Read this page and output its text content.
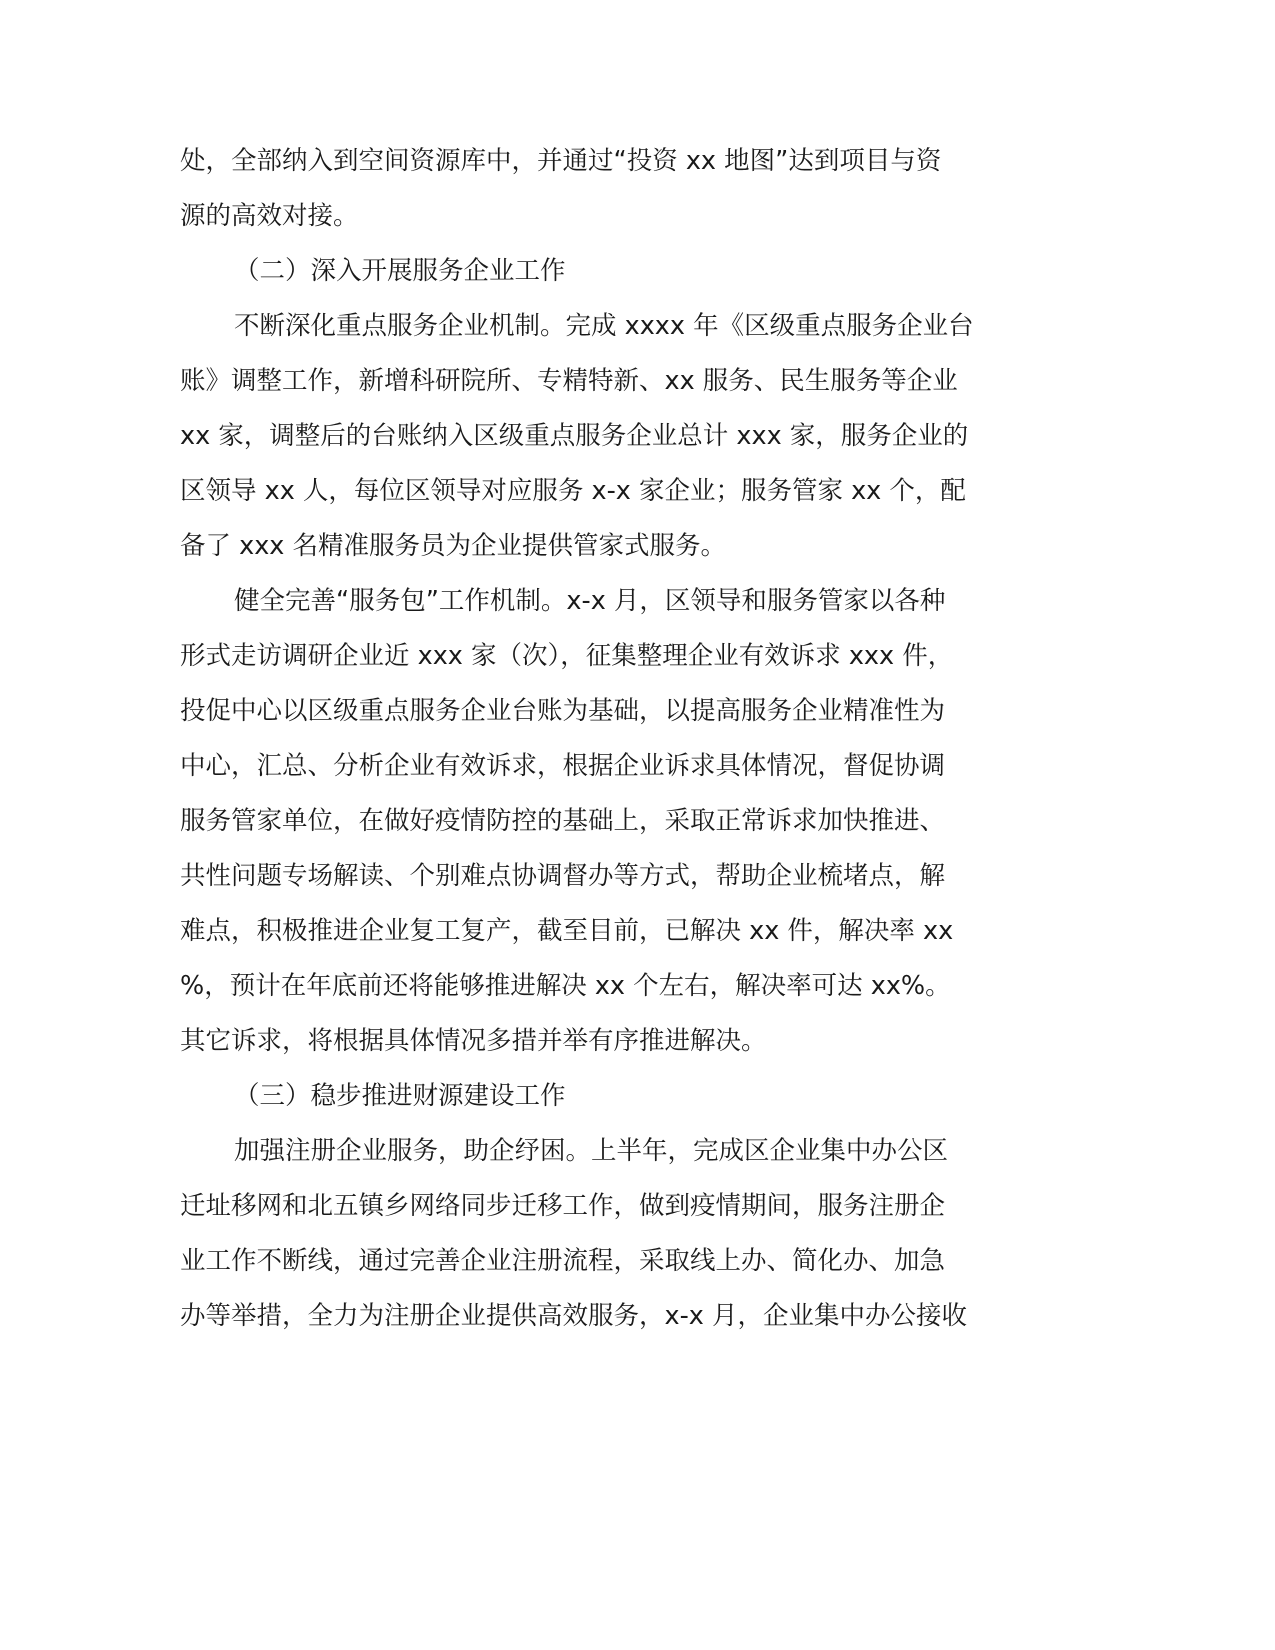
处，全部纳入到空间资源库中，并通过“投资 xx 地图”达到项目与资
源的高效对接。
（二）深入开展服务企业工作
不断深化重点服务企业机制。完成 xxxx 年《区级重点服务企业台
账》调整工作，新增科研院所、专精特新、xx 服务、民生服务等企业
xx 家，调整后的台账纳入区级重点服务企业总计 xxx 家，服务企业的
区领导 xx 人，每位区领导对应服务 x-x 家企业；服务管家 xx 个，配
备了 xxx 名精准服务员为企业提供管家式服务。
健全完善“服务包”工作机制。x-x 月，区领导和服务管家以各种
形式走访调研企业近 xxx 家（次），征集整理企业有效诉求 xxx 件，
投促中心以区级重点服务企业台账为基础，以提高服务企业精准性为
中心，汇总、分析企业有效诉求，根据企业诉求具体情况，督促协调
服务管家单位，在做好疫情防控的基础上，采取正常诉求加快推进、
共性问题专场解读、个别难点协调督办等方式，帮助企业梳堵点，解
难点，积极推进企业复工复产，截至目前，已解决 xx 件，解决率 xx
%，预计在年底前还将能够推进解决 xx 个左右，解决率可达 xx%。
其它诉求，将根据具体情况多措并举有序推进解决。
（三）稳步推进财源建设工作
加强注册企业服务，助企纾困。上半年，完成区企业集中办公区
迁址移网和北五镇乡网络同步迁移工作，做到疫情期间，服务注册企
业工作不断线，通过完善企业注册流程，采取线上办、简化办、加急
办等举措，全力为注册企业提供高效服务，x-x 月，企业集中办公接收
